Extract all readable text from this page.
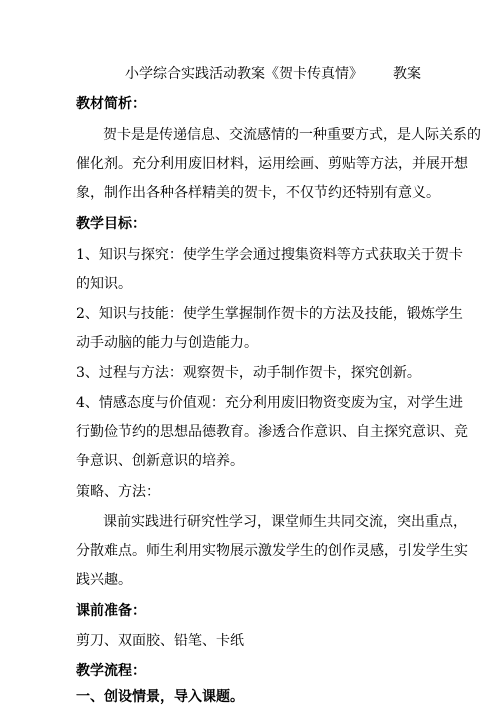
小学综合实践活动教案《贺卡传真情》 教案
教材简析：
贺卡是是传递信息、交流感情的一种重要方式，是人际关系的
催化剂。充分利用废旧材料，运用绘画、剪贴等方法，并展开想
象，制作出各种各样精美的贺卡，不仅节约还特别有意义。
教学目标：
1、知识与探究：使学生学会通过搜集资料等方式获取关于贺卡
的知识。
2、知识与技能：使学生掌握制作贺卡的方法及技能，锻炼学生
动手动脑的能力与创造能力。
3、过程与方法：观察贺卡，动手制作贺卡，探究创新。
4、情感态度与价值观：充分利用废旧物资变废为宝，对学生进
行勤俭节约的思想品德教育。渗透合作意识、自主探究意识、竞
争意识、创新意识的培养。
策略、方法：
课前实践进行研究性学习，课堂师生共同交流，突出重点，
分散难点。师生利用实物展示激发学生的创作灵感，引发学生实
践兴趣。
课前准备：
剪刀、双面胶、铅笔、卡纸
教学流程：
一、创设情景，导入课题。
